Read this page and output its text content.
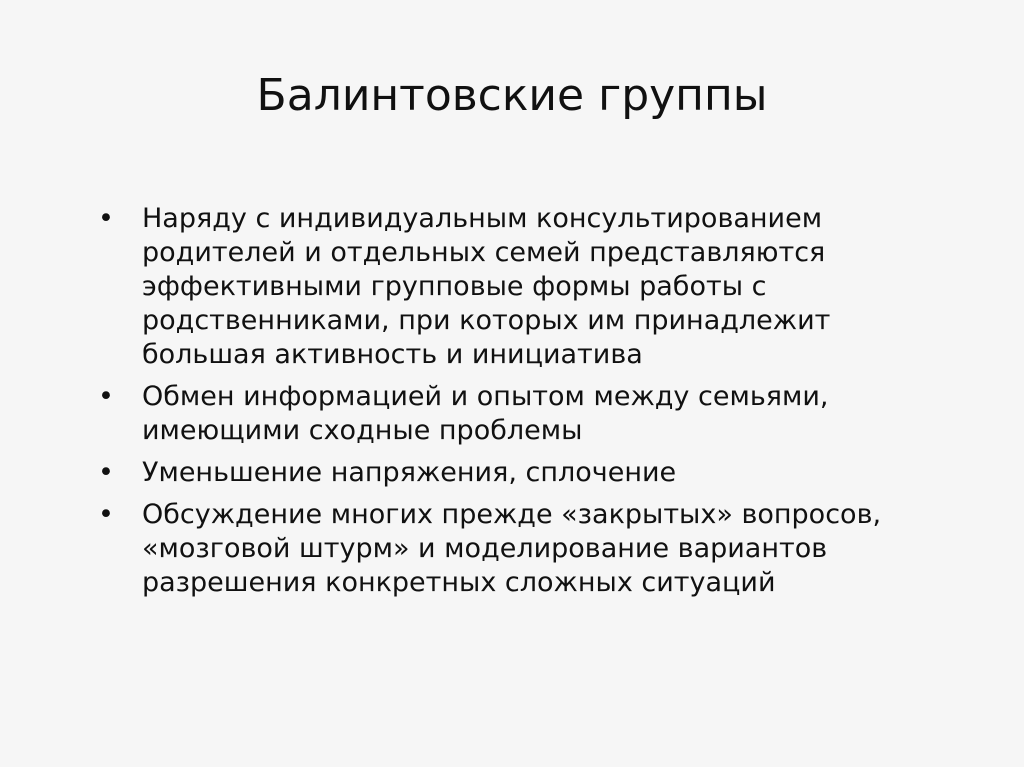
Балинтовские группы
• Наряду с индивидуальным консультированием
родителей и отдельных семей представляются
эффективными групповые формы работы с
родственниками, при которых им принадлежит
большая активность и инициатива
• Обмен информацией и опытом между семьями,
имеющими сходные проблемы
• Уменьшение напряжения, сплочение
• Обсуждение многих прежде «закрытых» вопросов,
«мозговой штурм» и моделирование вариантов
разрешения конкретных сложных ситуаций
